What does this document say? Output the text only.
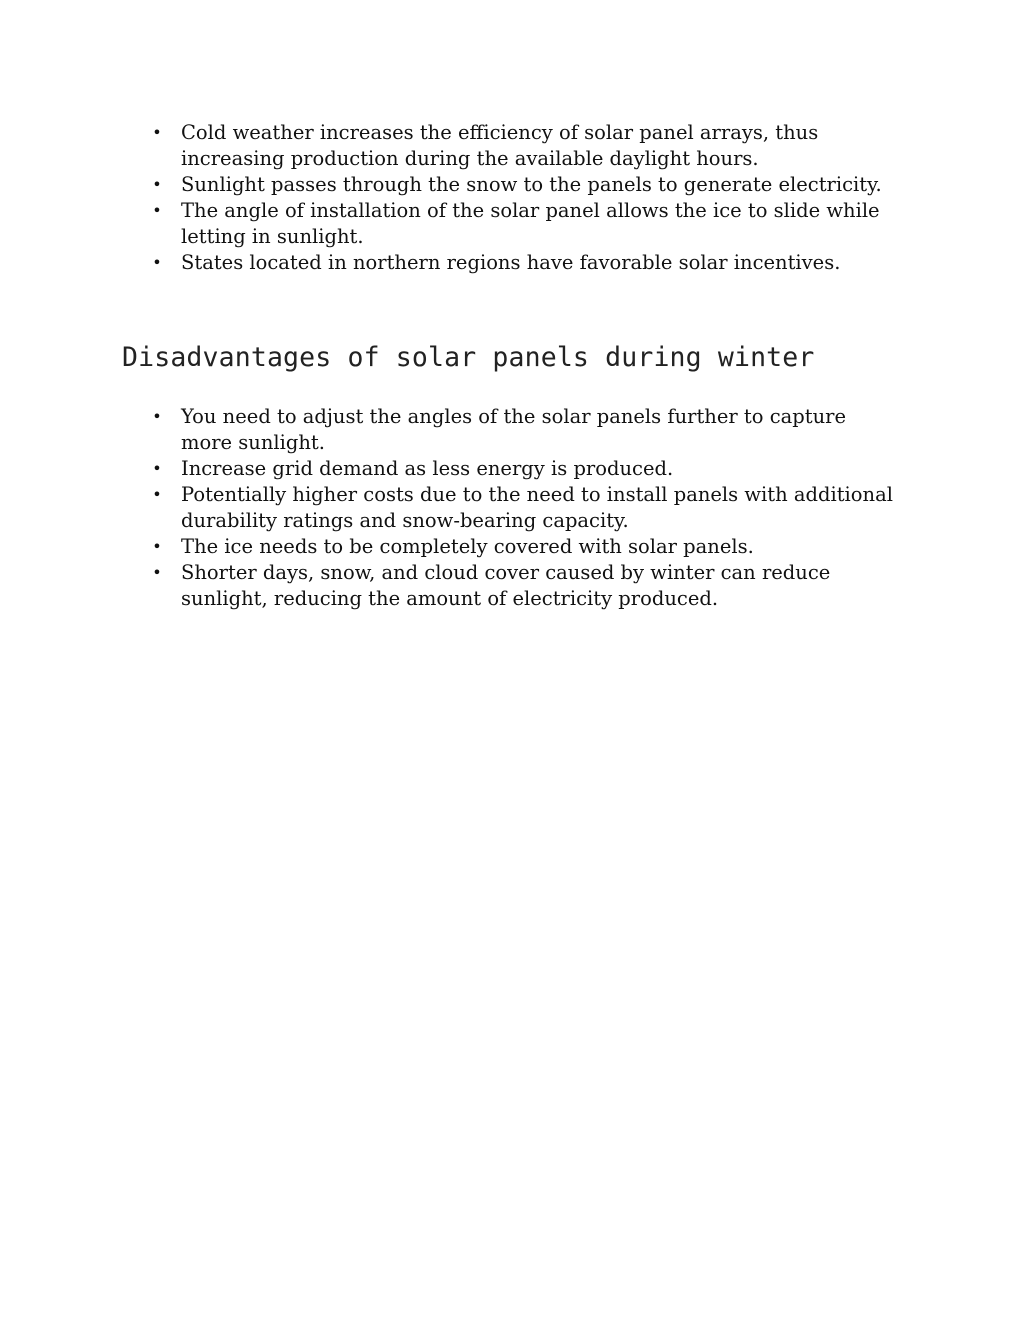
• Cold weather increases the efficiency of solar panel arrays, thus increasing production during the available daylight hours.
• Sunlight passes through the snow to the panels to generate electricity.
• The angle of installation of the solar panel allows the ice to slide while letting in sunlight.
• States located in northern regions have favorable solar incentives.
Disadvantages of solar panels during winter
• You need to adjust the angles of the solar panels further to capture more sunlight.
• Increase grid demand as less energy is produced.
• Potentially higher costs due to the need to install panels with additional durability ratings and snow-bearing capacity.
• The ice needs to be completely covered with solar panels.
• Shorter days, snow, and cloud cover caused by winter can reduce sunlight, reducing the amount of electricity produced.
